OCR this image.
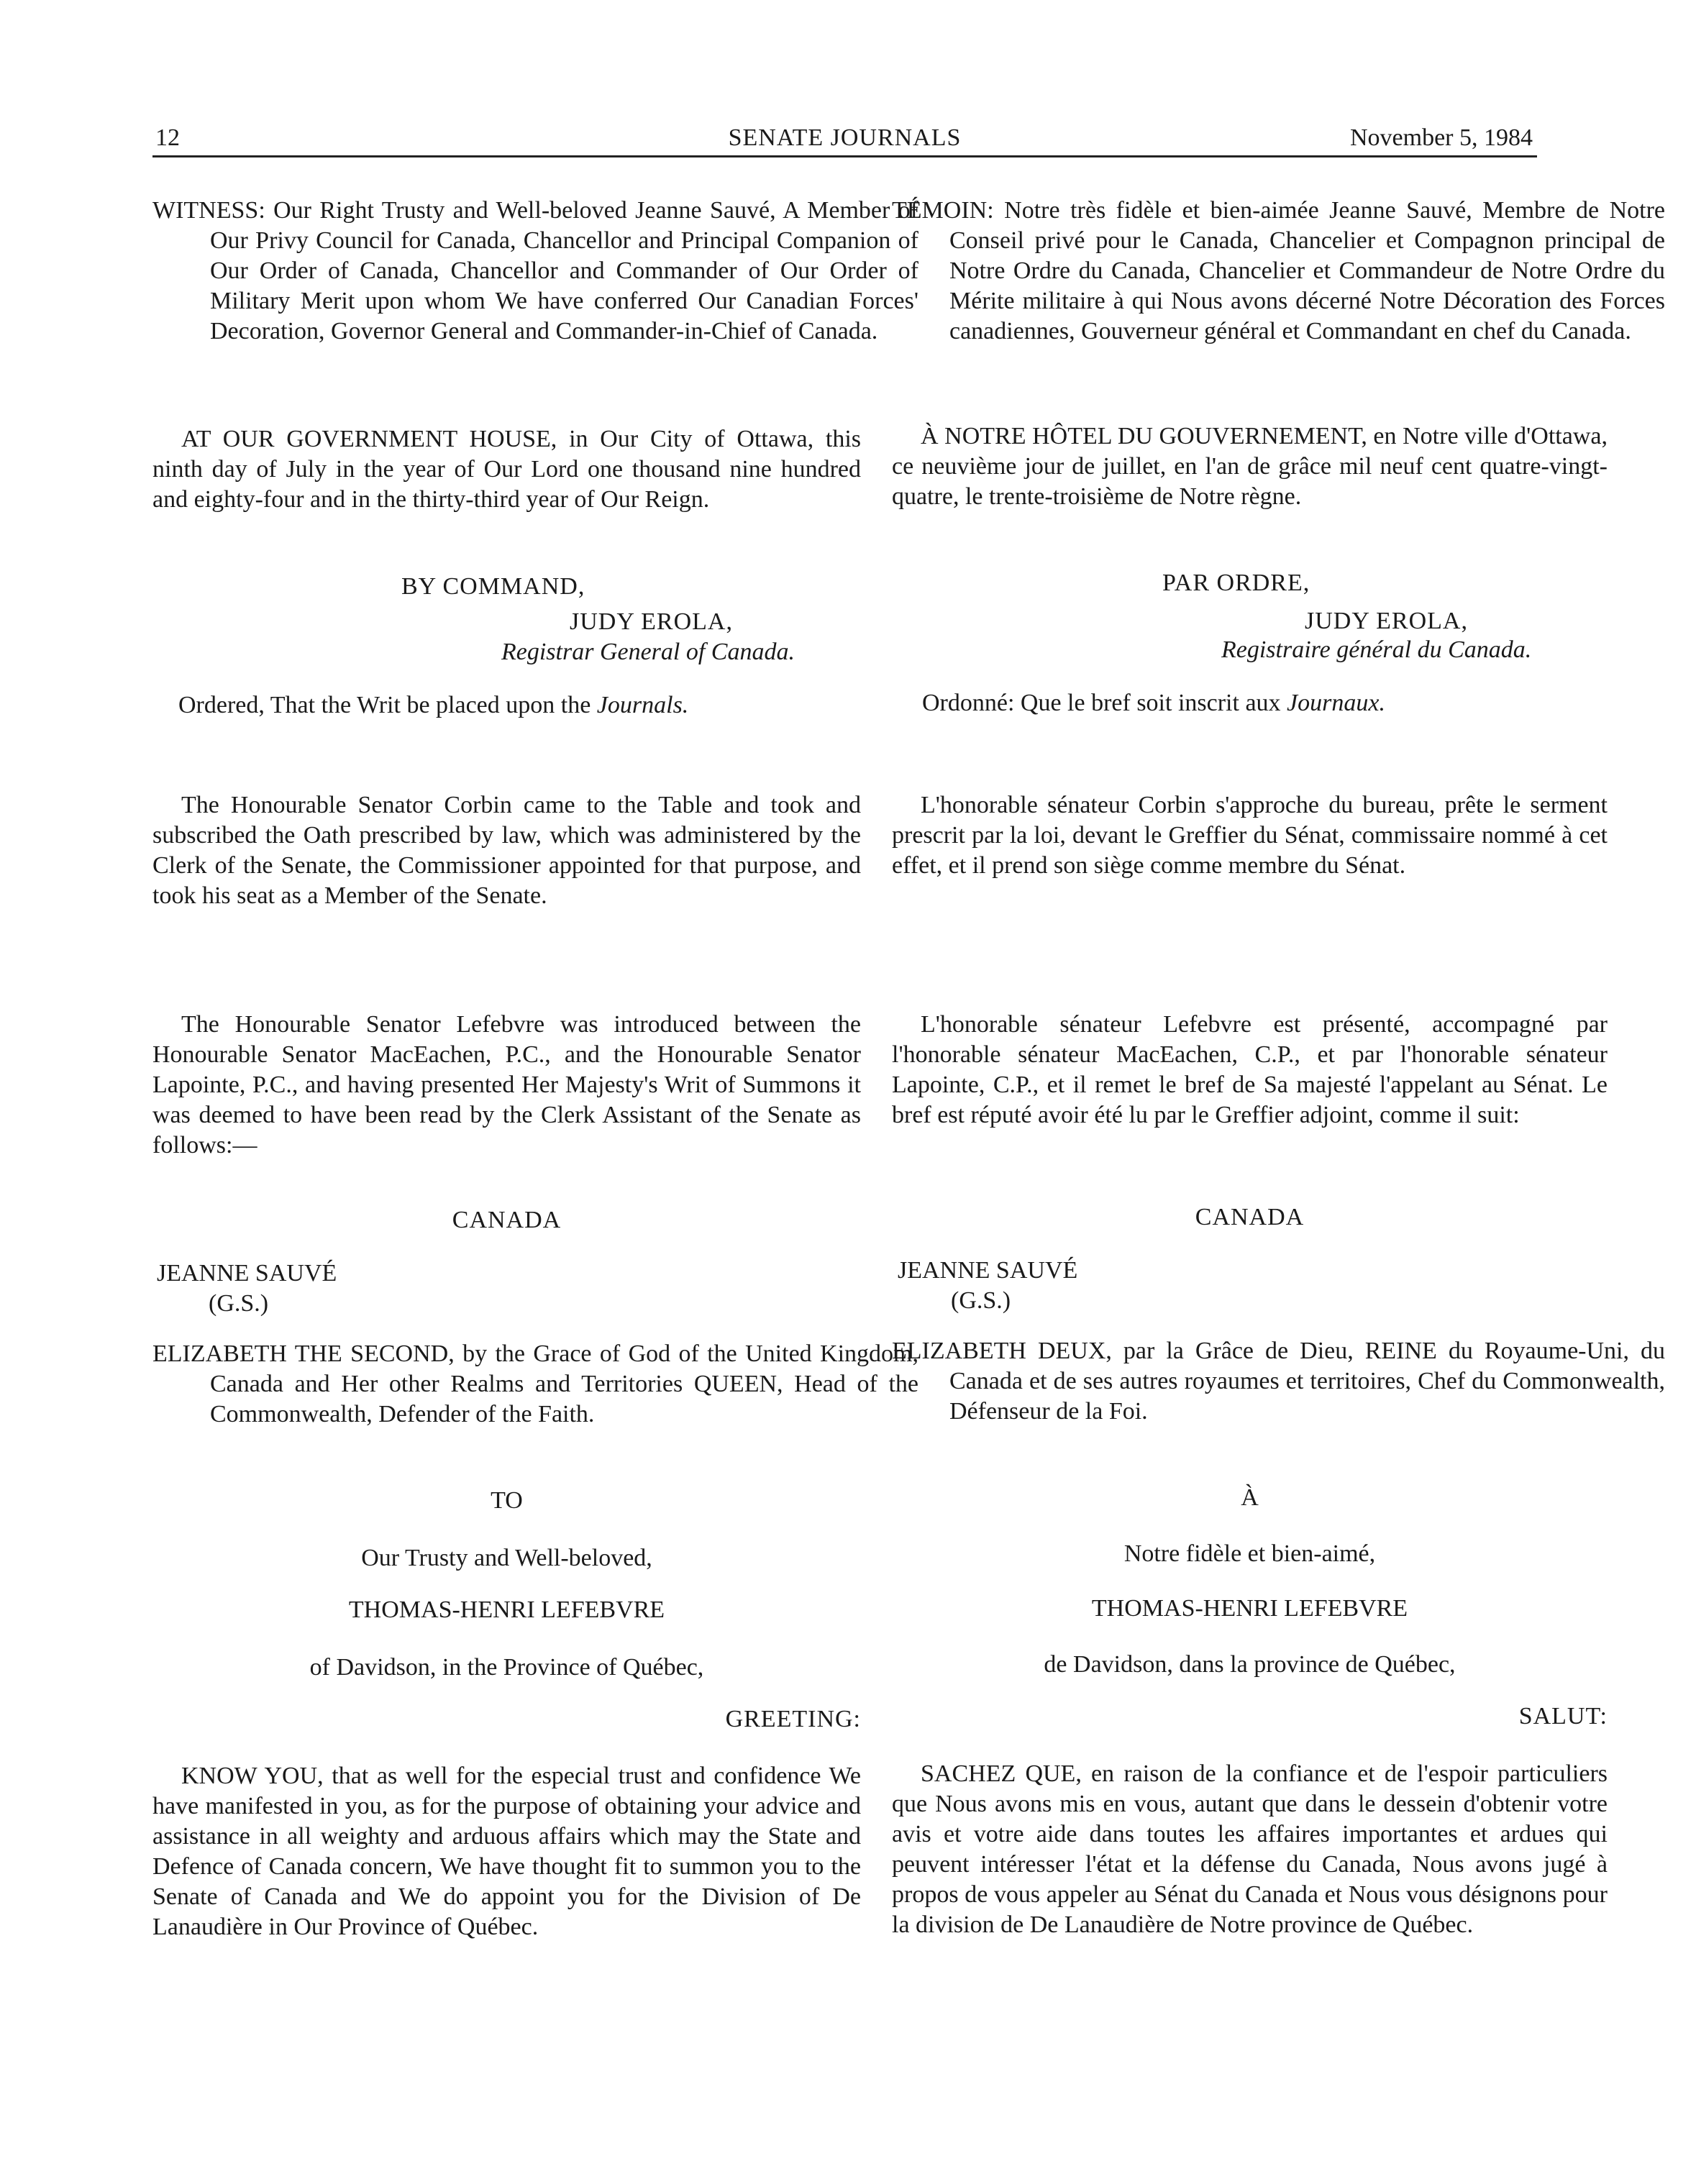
12	SENATE JOURNALS	November 5, 1984

WITNESS: Our Right Trusty and Well-beloved Jeanne Sauvé, A Member of Our Privy Council for Canada, Chancellor and Principal Companion of Our Order of Canada, Chancellor and Commander of Our Order of Military Merit upon whom We have conferred Our Canadian Forces' Decoration, Governor General and Commander-in-Chief of Canada.

AT OUR GOVERNMENT HOUSE, in Our City of Ottawa, this ninth day of July in the year of Our Lord one thousand nine hundred and eighty-four and in the thirty-third year of Our Reign.

BY COMMAND,
JUDY EROLA,
Registrar General of Canada.
Ordered, That the Writ be placed upon the Journals.

The Honourable Senator Corbin came to the Table and took and subscribed the Oath prescribed by law, which was administered by the Clerk of the Senate, the Commissioner appointed for that purpose, and took his seat as a Member of the Senate.

The Honourable Senator Lefebvre was introduced between the Honourable Senator MacEachen, P.C., and the Honourable Senator Lapointe, P.C., and having presented Her Majesty's Writ of Summons it was deemed to have been read by the Clerk Assistant of the Senate as follows:—

CANADA
JEANNE SAUVÉ
(G.S.)

ELIZABETH THE SECOND, by the Grace of God of the United Kingdom, Canada and Her other Realms and Territories QUEEN, Head of the Commonwealth, Defender of the Faith.

TO
Our Trusty and Well-beloved,
THOMAS-HENRI LEFEBVRE
of Davidson, in the Province of Québec,
GREETING:

KNOW YOU, that as well for the especial trust and confidence We have manifested in you, as for the purpose of obtaining your advice and assistance in all weighty and arduous affairs which may the State and Defence of Canada concern, We have thought fit to summon you to the Senate of Canada and We do appoint you for the Division of De Lanaudière in Our Province of Québec.

TÉMOIN: Notre très fidèle et bien-aimée Jeanne Sauvé, Membre de Notre Conseil privé pour le Canada, Chancelier et Compagnon principal de Notre Ordre du Canada, Chancelier et Commandeur de Notre Ordre du Mérite militaire à qui Nous avons décerné Notre Décoration des Forces canadiennes, Gouverneur général et Commandant en chef du Canada.

À NOTRE HÔTEL DU GOUVERNEMENT, en Notre ville d'Ottawa, ce neuvième jour de juillet, en l'an de grâce mil neuf cent quatre-vingt-quatre, le trente-troisième de Notre règne.

PAR ORDRE,
JUDY EROLA,
Registraire général du Canada.
Ordonné: Que le bref soit inscrit aux Journaux.

L'honorable sénateur Corbin s'approche du bureau, prête le serment prescrit par la loi, devant le Greffier du Sénat, commissaire nommé à cet effet, et il prend son siège comme membre du Sénat.

L'honorable sénateur Lefebvre est présenté, accompagné par l'honorable sénateur MacEachen, C.P., et par l'honorable sénateur Lapointe, C.P., et il remet le bref de Sa majesté l'appelant au Sénat. Le bref est réputé avoir été lu par le Greffier adjoint, comme il suit:

CANADA
JEANNE SAUVÉ
(G.S.)

ELIZABETH DEUX, par la Grâce de Dieu, REINE du Royaume-Uni, du Canada et de ses autres royaumes et territoires, Chef du Commonwealth, Défenseur de la Foi.

À
Notre fidèle et bien-aimé,
THOMAS-HENRI LEFEBVRE
de Davidson, dans la province de Québec,
SALUT:

SACHEZ QUE, en raison de la confiance et de l'espoir particuliers que Nous avons mis en vous, autant que dans le dessein d'obtenir votre avis et votre aide dans toutes les affaires importantes et ardues qui peuvent intéresser l'état et la défense du Canada, Nous avons jugé à propos de vous appeler au Sénat du Canada et Nous vous désignons pour la division de De Lanaudière de Notre province de Québec.
